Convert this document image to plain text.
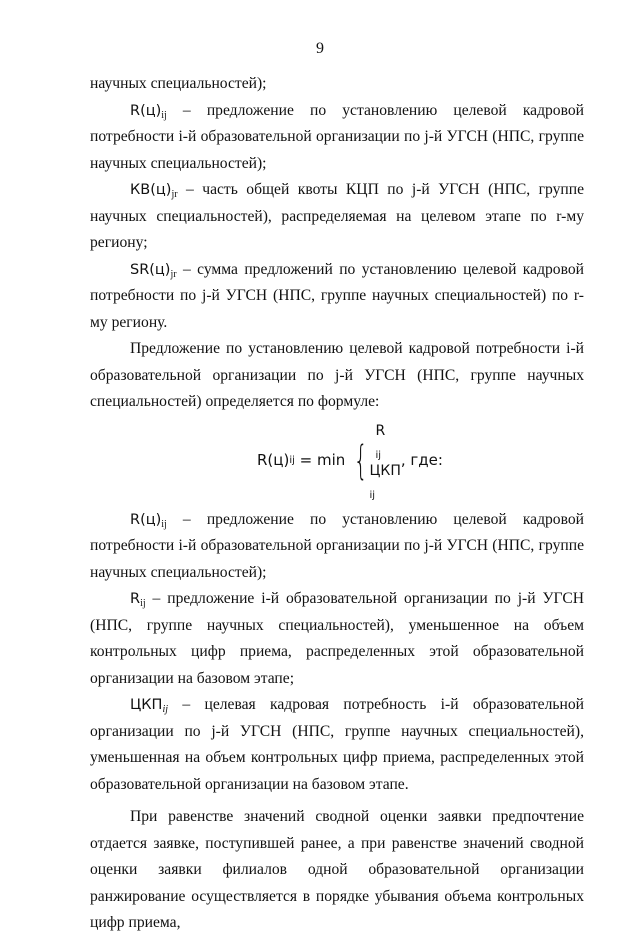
9

научных специальностей);

$R(ц)_{ij}$ – предложение по установлению целевой кадровой потребности i-й образовательной организации по j-й УГСН (НПС, группе научных специальностей);

$КВ(ц)_{jr}$ – часть общей квоты КЦП по j-й УГСН (НПС, группе научных специальностей), распределяемая на целевом этапе по r-му региону;

$SR(ц)_{jr}$ – сумма предложений по установлению целевой кадровой потребности по j-й УГСН (НПС, группе научных специальностей) по r-му региону.

Предложение по установлению целевой кадровой потребности i-й образовательной организации по j-й УГСН (НПС, группе научных специальностей) определяется по формуле:

R(ц) ij = min {
R
$_{ij}$
ЦКП
$_{ij}$
, где:

$R(ц)_{ij}$ – предложение по установлению целевой кадровой потребности i-й образовательной организации по j-й УГСН (НПС, группе научных специальностей);

$R_{ij}$ – предложение i-й образовательной организации по j-й УГСН (НПС, группе научных специальностей), уменьшенное на объем контрольных цифр приема, распределенных этой образовательной организации на базовом этапе;

$ЦКП_{ij}$ – целевая кадровая потребность i-й образовательной организации по j-й УГСН (НПС, группе научных специальностей), уменьшенная на объем контрольных цифр приема, распределенных этой образовательной организации на базовом этапе.

При равенстве значений сводной оценки заявки предпочтение отдается заявке, поступившей ранее, а при равенстве значений сводной оценки заявки филиалов одной образовательной организации ранжирование осуществляется в порядке убывания объема контрольных цифр приема,
